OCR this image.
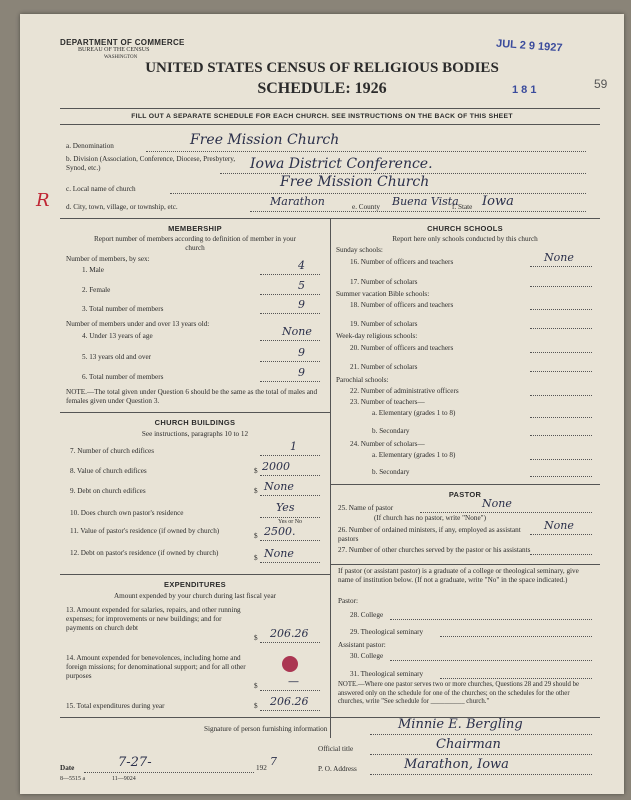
DEPARTMENT OF COMMERCE
BUREAU OF THE CENSUS
WASHINGTON
JUL 2 9 1927
1 8 1	59
UNITED STATES CENSUS OF RELIGIOUS BODIES
SCHEDULE: 1926
FILL OUT A SEPARATE SCHEDULE FOR EACH CHURCH. SEE INSTRUCTIONS ON THE BACK OF THIS SHEET
a. Denomination	Free Mission Church
b. Division (Association, Conference, Diocese, Presbytery, Synod, etc.)	Iowa District Conference.
c. Local name of church	Free Mission Church
d. City, town, village, or township, etc.	Marathon	e. County Buena Vista
f. State Iowa
R
MEMBERSHIP
Report number of members according to definition of member in your church
Number of members, by sex:
1. Male	4
2. Female	5
3. Total number of members	9
Number of members under and over 13 years old:
4. Under 13 years of age	None
5. 13 years old and over	9
6. Total number of members	9
NOTE.—The total given under Question 6 should be the same as the total of males and females given under Question 3.
CHURCH BUILDINGS
See instructions, paragraphs 10 to 12
7. Number of church edifices	1
8. Value of church edifices	$ 2000
9. Debt on church edifices	$ None
10. Does church own pastor's residence	Yes
Yes or No
11. Value of pastor's residence (if owned by church)
$ 2500.
12. Debt on pastor's residence (if owned by church)
$ None
EXPENDITURES
Amount expended by your church during last fiscal year
13. Amount expended for salaries, repairs, and other running expenses; for improvements or new buildings; and for payments on church debt
$ 206.26
14. Amount expended for benevolences, including home and foreign missions; for denominational support; and for all other purposes
$	—
15. Total expenditures during year	$ 206.26
CHURCH SCHOOLS
Report here only schools conducted by this church
Sunday schools:
16. Number of officers and teachers	None
17. Number of scholars
Summer vacation Bible schools:
18. Number of officers and teachers
19. Number of scholars
Week-day religious schools:
20. Number of officers and teachers
21. Number of scholars
Parochial schools:
22. Number of administrative officers
23. Number of teachers—
a. Elementary (grades 1 to 8)
b. Secondary
24. Number of scholars—
a. Elementary (grades 1 to 8)
b. Secondary
PASTOR
25. Name of pastor	None
(If church has no pastor, write "None")
26. Number of ordained ministers, if any, employed as assistant pastors
None
27. Number of other churches served by the pastor or his assistants
If pastor (or assistant pastor) is a graduate of a college or theological seminary, give name of institution below. (If not a graduate, write "No" in the space indicated.)
Pastor:
28. College
29. Theological seminary
Assistant pastor:
30. College
31. Theological seminary
NOTE.—Where one pastor serves two or more churches, Questions 28 and 29 should be answered only on the schedule for one of the churches; on the schedules for the other churches, write "See schedule for __________ church."
Signature of person furnishing information	Minnie E. Bergling
Official title	Chairman
Date	7-27-	192 7
P. O. Address	Marathon, Iowa
8—5515 a	11—9024
